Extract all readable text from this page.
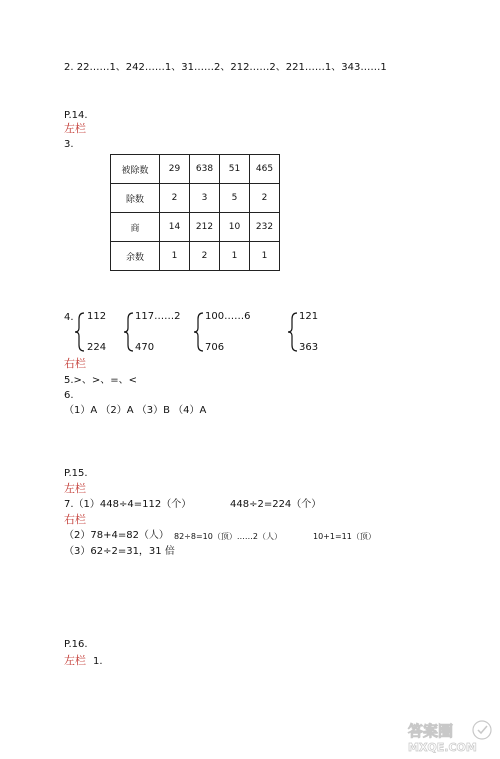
2. 22……1、242……1、31……2、212……2、221……1、343……1
P.14.
左栏
3.
被除数	29	638	51	465
除数	2	3	5	2
商	14	212	10	232
余数	1	2	1	1
4. 112
224
117……2
470
100……6
706
121
363
右栏
5.>、>、=、<
6.
（1）A （2）A （3）B （4）A
P.15.
左栏
7.（1）448÷4=112（个）	448÷2=224（个）
右栏
（2）78+4=82（人） 82÷8=10（顶）……2（人）	10+1=11（顶）
（3）62÷2=31，31 倍
P.16.
左栏 1.
答案圈
MXQE.COM
